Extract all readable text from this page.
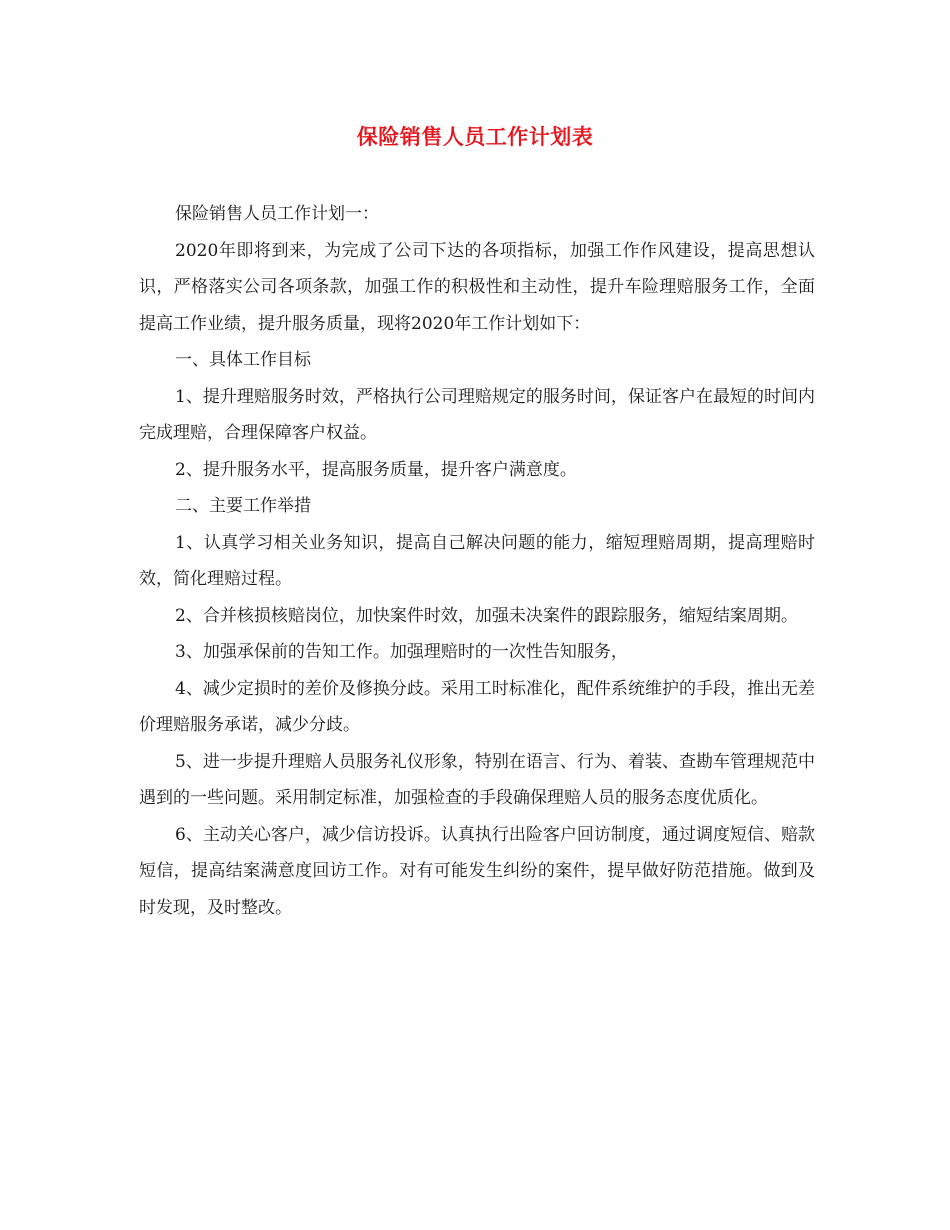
保险销售人员工作计划表

保险销售人员工作计划一：

2020年即将到来，为完成了公司下达的各项指标，加强工作作风建设，提高思想认识，严格落实公司各项条款，加强工作的积极性和主动性，提升车险理赔服务工作，全面提高工作业绩，提升服务质量，现将2020年工作计划如下：

一、具体工作目标

1、提升理赔服务时效，严格执行公司理赔规定的服务时间，保证客户在最短的时间内完成理赔，合理保障客户权益。

2、提升服务水平，提高服务质量，提升客户满意度。

二、主要工作举措

1、认真学习相关业务知识，提高自己解决问题的能力，缩短理赔周期，提高理赔时效，简化理赔过程。

2、合并核损核赔岗位，加快案件时效，加强未决案件的跟踪服务，缩短结案周期。

3、加强承保前的告知工作。加强理赔时的一次性告知服务，

4、减少定损时的差价及修换分歧。采用工时标准化，配件系统维护的手段，推出无差价理赔服务承诺，减少分歧。

5、进一步提升理赔人员服务礼仪形象，特别在语言、行为、着装、查勘车管理规范中遇到的一些问题。采用制定标准，加强检查的手段确保理赔人员的服务态度优质化。

6、主动关心客户，减少信访投诉。认真执行出险客户回访制度，通过调度短信、赔款短信，提高结案满意度回访工作。对有可能发生纠纷的案件，提早做好防范措施。做到及时发现，及时整改。
